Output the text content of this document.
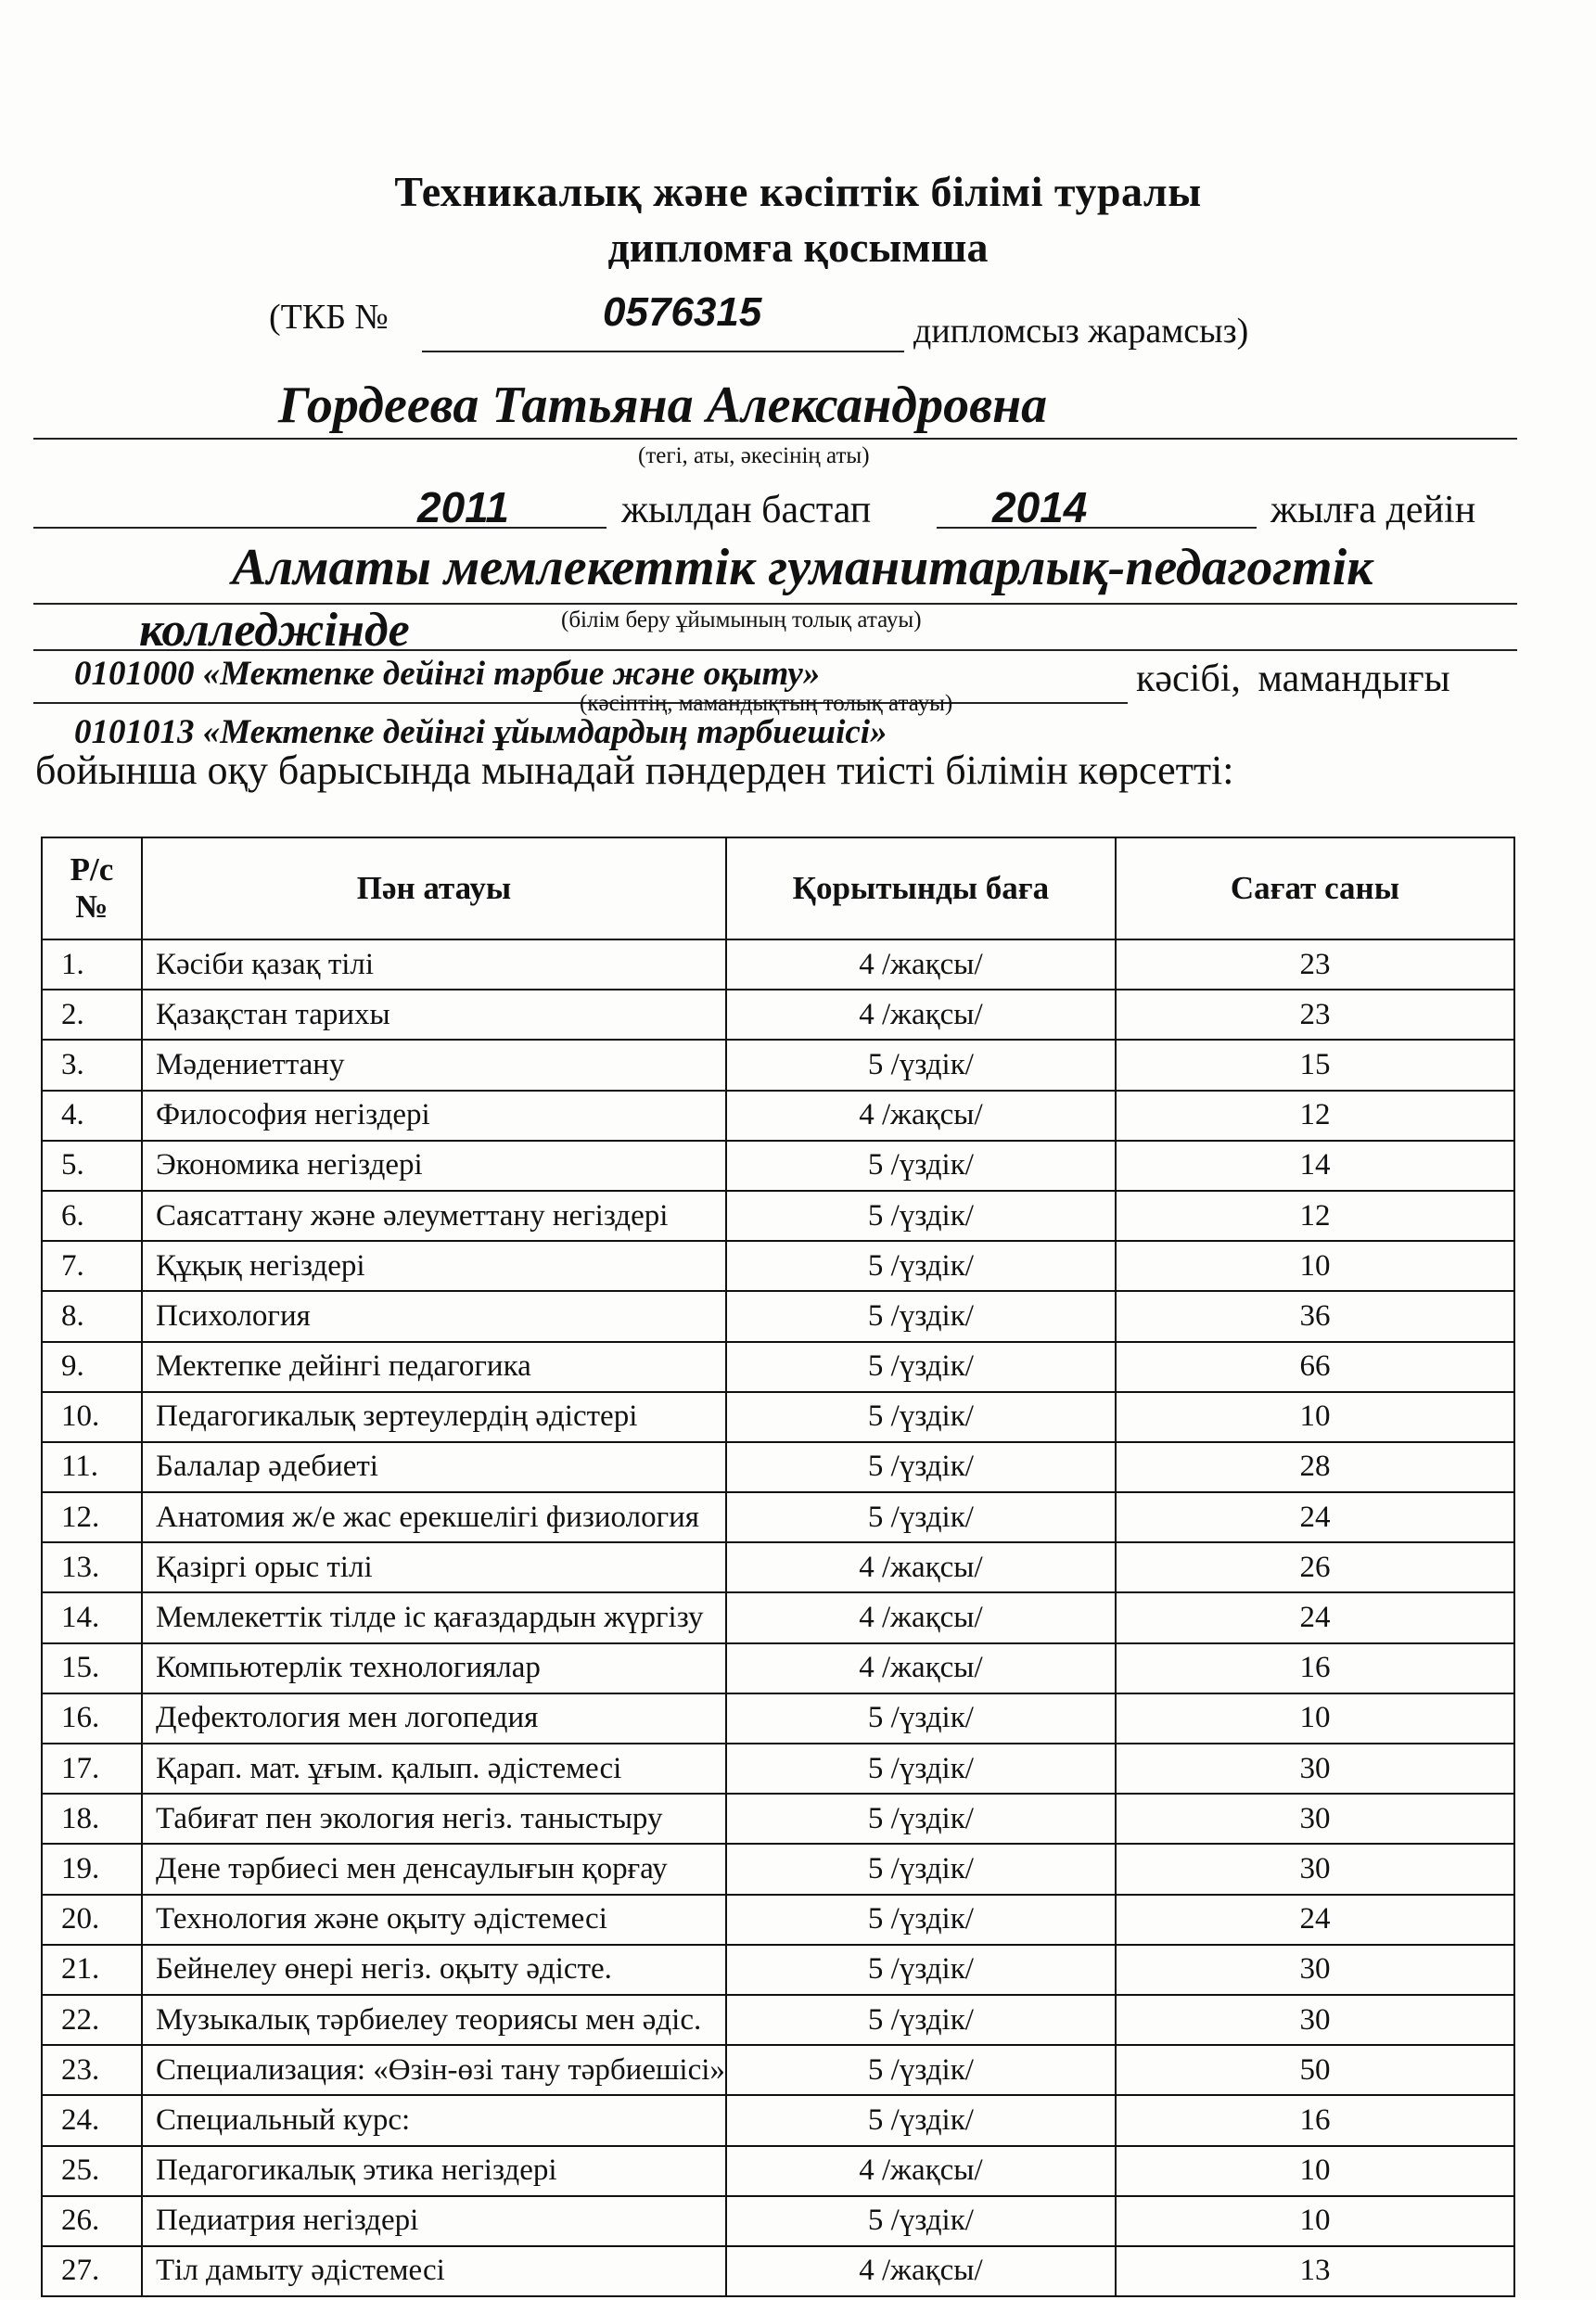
Техникалық және кәсіптік білімі туралы
дипломға қосымша
(ТКБ №	0576315	дипломсыз жарамсыз)
Гордеева Татьяна Александровна
(тегі, аты, әкесінің аты)
2011	жылдан бастап	2014	жылға дейін
Алматы мемлекеттік гуманитарлық-педагогтік
колледжінде	(білім беру ұйымының толық атауы)
0101000 «Мектепке дейінгі тәрбие және оқыту»	кәсібі, мамандығы
(кәсіптің, мамандықтың толық атауы)
0101013 «Мектепке дейінгі ұйымдардың тәрбиешісі»
бойынша оқу барысында мынадай пәндерден тиісті білімін көрсетті:
Р/с
№	Пән атауы	Қорытынды баға	Сағат саны
1.	Кәсіби қазақ тілі	4 /жақсы/	23
2.	Қазақстан тарихы	4 /жақсы/	23
3.	Мәдениеттану	5 /үздік/	15
4.	Философия негіздері	4 /жақсы/	12
5.	Экономика негіздері	5 /үздік/	14
6.	Саясаттану және әлеуметтану негіздері	5 /үздік/	12
7.	Құқық негіздері	5 /үздік/	10
8.	Психология	5 /үздік/	36
9.	Мектепке дейінгі педагогика	5 /үздік/	66
10.	Педагогикалық зертеулердің әдістері	5 /үздік/	10
11.	Балалар әдебиеті	5 /үздік/	28
12.	Анатомия ж/е жас ерекшелігі физиология	5 /үздік/	24
13.	Қазіргі орыс тілі	4 /жақсы/	26
14.	Мемлекеттік тілде іс қағаздардын жүргізу	4 /жақсы/	24
15.	Компьютерлік технологиялар	4 /жақсы/	16
16.	Дефектология мен логопедия	5 /үздік/	10
17.	Қарап. мат. ұғым. қалып. әдістемесі	5 /үздік/	30
18.	Табиғат пен экология негіз. таныстыру	5 /үздік/	30
19.	Дене тәрбиесі мен денсаулығын қорғау	5 /үздік/	30
20.	Технология және оқыту әдістемесі	5 /үздік/	24
21.	Бейнелеу өнері негіз. оқыту әдісте.	5 /үздік/	30
22.	Музыкалық тәрбиелеу теориясы мен әдіс.	5 /үздік/	30
23.	Специализация: «Өзін-өзі тану тәрбиешісі»	5 /үздік/	50
24.	Специальный курс:	5 /үздік/	16
25.	Педагогикалық этика негіздері	4 /жақсы/	10
26.	Педиатрия негіздері	5 /үздік/	10
27.	Тіл дамыту әдістемесі	4 /жақсы/	13
